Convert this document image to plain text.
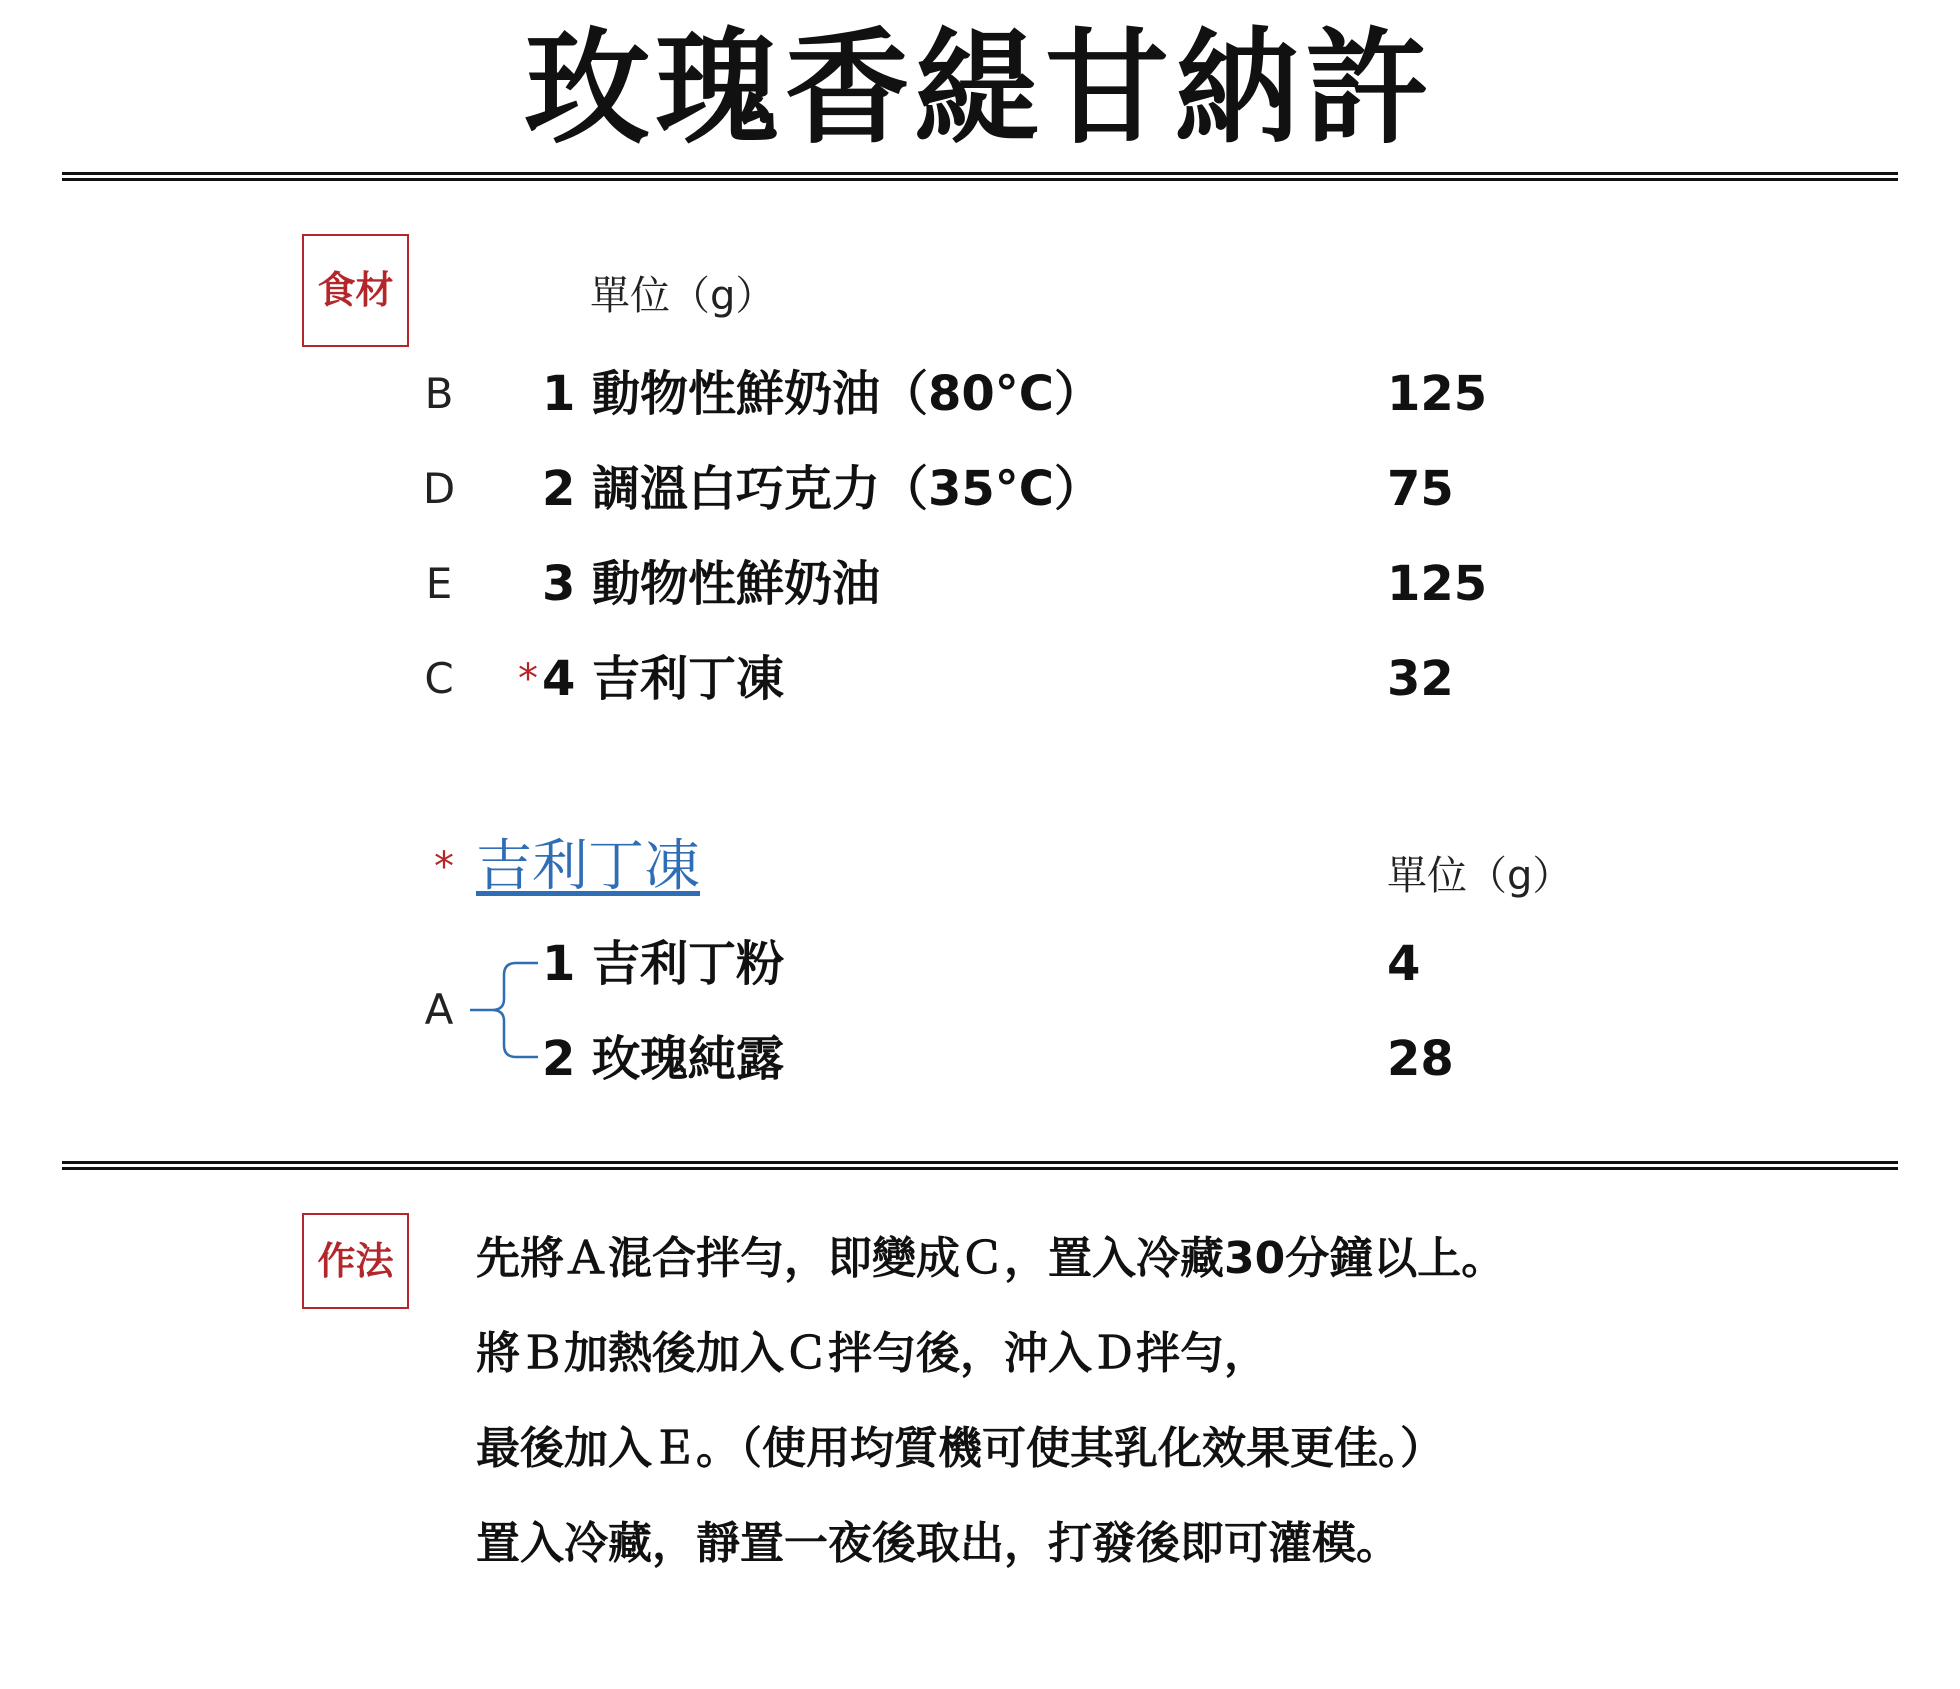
玫瑰香緹甘納許
食材	單位（g）
B	1 動物性鮮奶油（80°C）	125
D 2 調溫白巧克力（35°C）	75
E	3 動物性鮮奶油	125
C	* 4 吉利丁凍	32
* 吉利丁凍	單位（g）
A
1 吉利丁粉	4
2 玫瑰純露	28
作法	先將Ａ混合拌勻，即變成Ｃ，置入冷藏30分鐘以上。
將Ｂ加熱後加入Ｃ拌勻後，沖入Ｄ拌勻，
最後加入Ｅ。（使用均質機可使其乳化效果更佳。）
置入冷藏，靜置一夜後取出，打發後即可灌模。
